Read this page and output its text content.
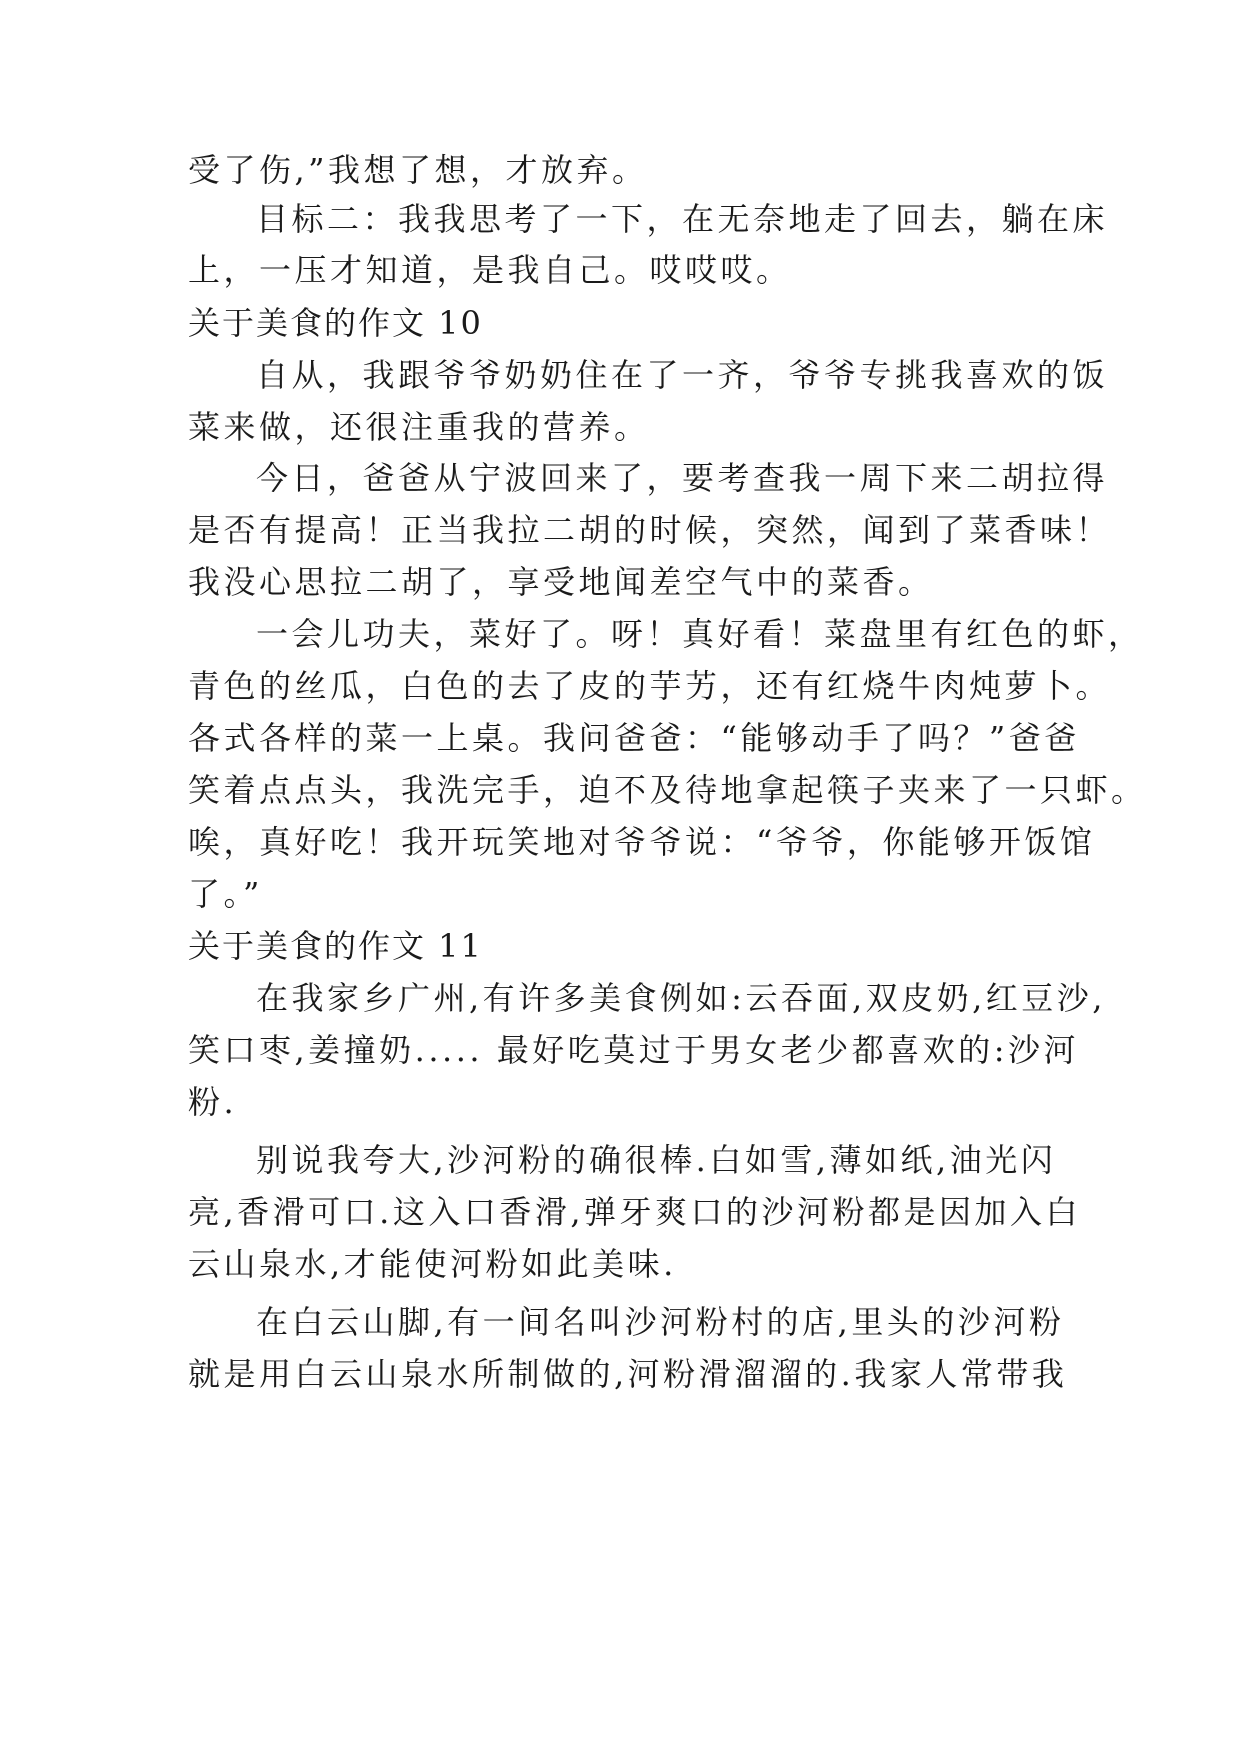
受了伤,”我想了想，才放弃。
目标二：我我思考了一下，在无奈地走了回去，躺在床
上，一压才知道，是我自己。哎哎哎。
关于美食的作文 10
自从，我跟爷爷奶奶住在了一齐，爷爷专挑我喜欢的饭
菜来做，还很注重我的营养。
今日，爸爸从宁波回来了，要考查我一周下来二胡拉得
是否有提高！正当我拉二胡的时候，突然，闻到了菜香味！
我没心思拉二胡了，享受地闻差空气中的菜香。
一会儿功夫，菜好了。呀！真好看！菜盘里有红色的虾，
青色的丝瓜，白色的去了皮的芋艻，还有红烧牛肉炖萝卜。
各式各样的菜一上桌。我问爸爸：“能够动手了吗？”爸爸
笑着点点头，我洗完手，迫不及待地拿起筷子夹来了一只虾。
唉，真好吃！我开玩笑地对爷爷说：“爷爷，你能够开饭馆
了。”
关于美食的作文 11
在我家乡广州,有许多美食例如:云吞面,双皮奶,红豆沙,
笑口枣,姜撞奶..... 最好吃莫过于男女老少都喜欢的:沙河
粉.
别说我夸大,沙河粉的确很棒.白如雪,薄如纸,油光闪
亮,香滑可口.这入口香滑,弹牙爽口的沙河粉都是因加入白
云山泉水,才能使河粉如此美味.
在白云山脚,有一间名叫沙河粉村的店,里头的沙河粉
就是用白云山泉水所制做的,河粉滑溜溜的.我家人常带我
